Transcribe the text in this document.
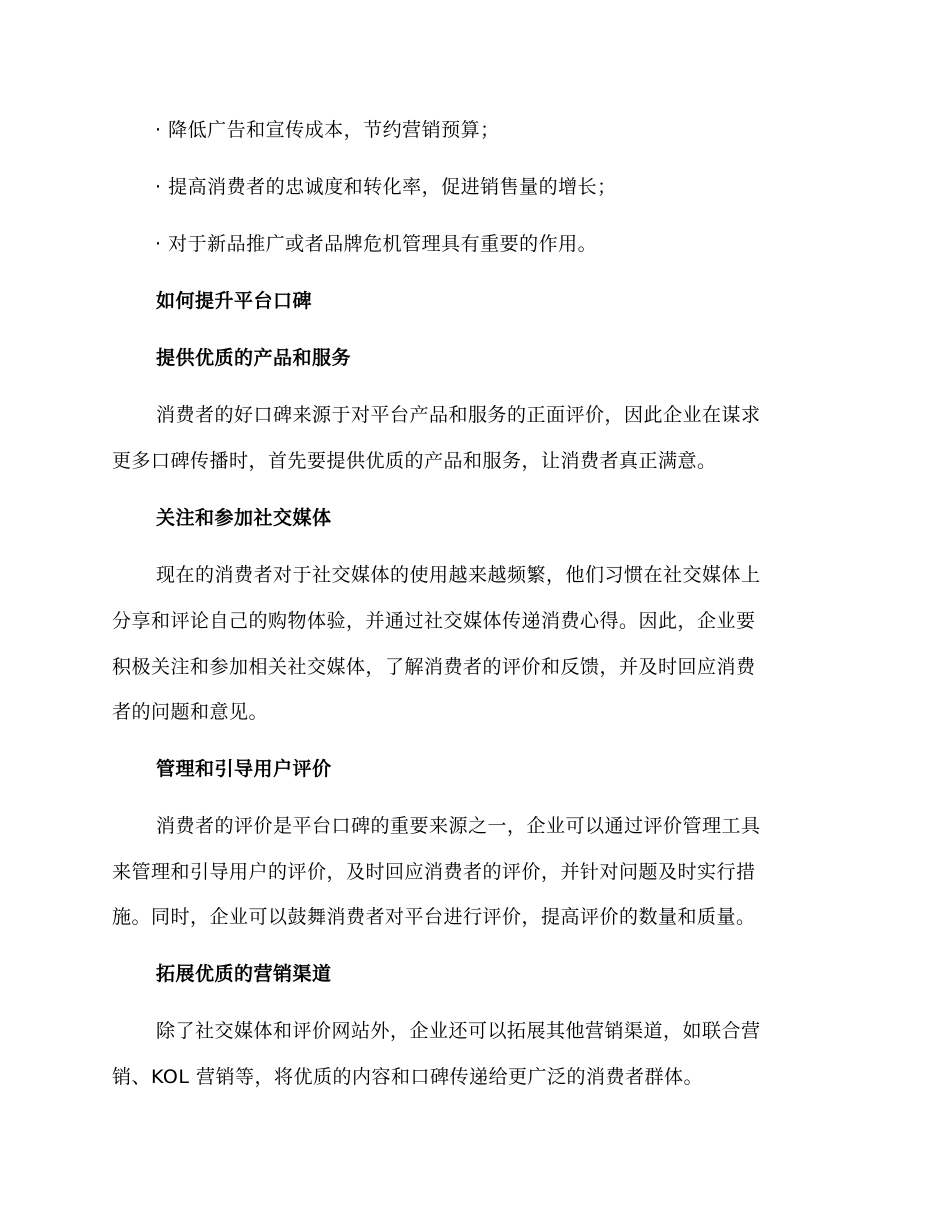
· 降低广告和宣传成本，节约营销预算；
· 提高消费者的忠诚度和转化率，促进销售量的增长；
· 对于新品推广或者品牌危机管理具有重要的作用。
如何提升平台口碑
提供优质的产品和服务
消费者的好口碑来源于对平台产品和服务的正面评价，因此企业在谋求
更多口碑传播时，首先要提供优质的产品和服务，让消费者真正满意。
关注和参加社交媒体
现在的消费者对于社交媒体的使用越来越频繁，他们习惯在社交媒体上
分享和评论自己的购物体验，并通过社交媒体传递消费心得。因此，企业要
积极关注和参加相关社交媒体，了解消费者的评价和反馈，并及时回应消费
者的问题和意见。
管理和引导用户评价
消费者的评价是平台口碑的重要来源之一，企业可以通过评价管理工具
来管理和引导用户的评价，及时回应消费者的评价，并针对问题及时实行措
施。同时，企业可以鼓舞消费者对平台进行评价，提高评价的数量和质量。
拓展优质的营销渠道
除了社交媒体和评价网站外，企业还可以拓展其他营销渠道，如联合营
销、KOL 营销等，将优质的内容和口碑传递给更广泛的消费者群体。
